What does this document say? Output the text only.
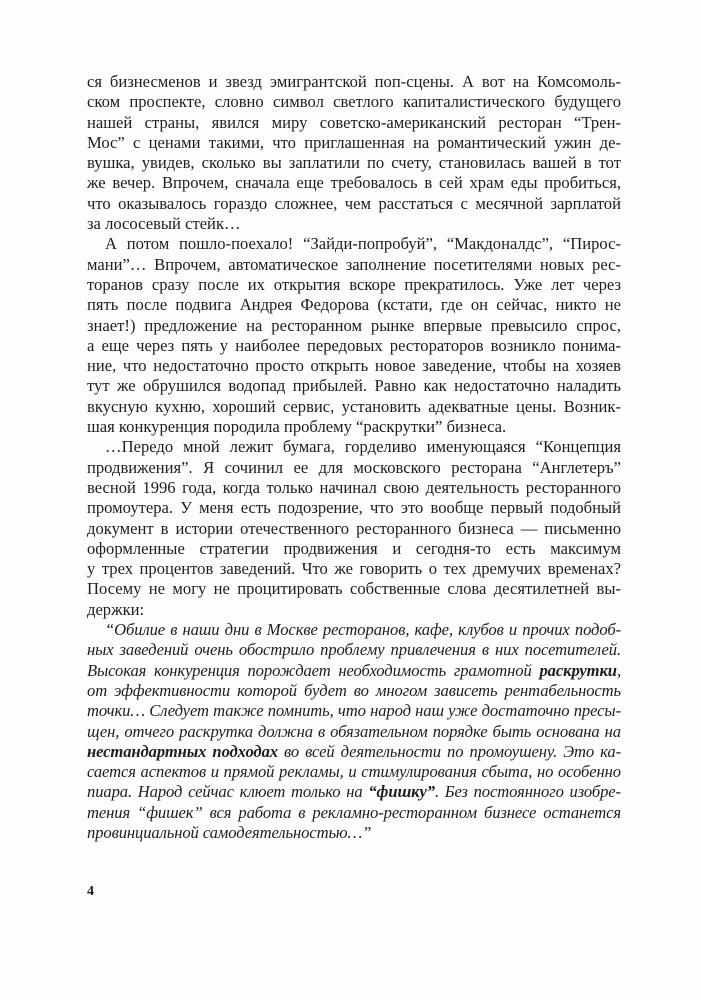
ся бизнесменов и звезд эмигрантской поп-сцены. А вот на Комсомоль-
ском проспекте, словно символ светлого капиталистического будущего
нашей страны, явился миру советско-американский ресторан “Трен-
Мос” с ценами такими, что приглашенная на романтический ужин де-
вушка, увидев, сколько вы заплатили по счету, становилась вашей в тот
же вечер. Впрочем, сначала еще требовалось в сей храм еды пробиться,
что оказывалось гораздо сложнее, чем расстаться с месячной зарплатой
за лососевый стейк…
А потом пошло-поехало! “Зайди-попробуй”, “Макдоналдс”, “Пирос-
мани”… Впрочем, автоматическое заполнение посетителями новых рес-
торанов сразу после их открытия вскоре прекратилось. Уже лет через
пять после подвига Андрея Федорова (кстати, где он сейчас, никто не
знает!) предложение на ресторанном рынке впервые превысило спрос,
а еще через пять у наиболее передовых рестораторов возникло понима-
ние, что недостаточно просто открыть новое заведение, чтобы на хозяев
тут же обрушился водопад прибылей. Равно как недостаточно наладить
вкусную кухню, хороший сервис, установить адекватные цены. Возник-
шая конкуренция породила проблему “раскрутки” бизнеса.
…Передо мной лежит бумага, горделиво именующаяся “Концепция
продвижения”. Я сочинил ее для московского ресторана “Англетеръ”
весной 1996 года, когда только начинал свою деятельность ресторанного
промоутера. У меня есть подозрение, что это вообще первый подобный
документ в истории отечественного ресторанного бизнеса — письменно
оформленные стратегии продвижения и сегодня-то есть максимум
у трех процентов заведений. Что же говорить о тех дремучих временах?
Посему не могу не процитировать собственные слова десятилетней вы-
держки:
“Обилие в наши дни в Москве ресторанов, кафе, клубов и прочих подоб-
ных заведений очень обострило проблему привлечения в них посетителей.
Высокая конкуренция порождает необходимость грамотной раскрутки,
от эффективности которой будет во многом зависеть рентабельность
точки… Следует также помнить, что народ наш уже достаточно пресы-
щен, отчего раскрутка должна в обязательном порядке быть основана на
нестандартных подходах во всей деятельности по промоушену. Это ка-
сается аспектов и прямой рекламы, и стимулирования сбыта, но особенно
пиара. Народ сейчас клюет только на “фишку”. Без постоянного изобре-
тения “фишек” вся работа в рекламно-ресторанном бизнесе останется
провинциальной самодеятельностью…”
4
